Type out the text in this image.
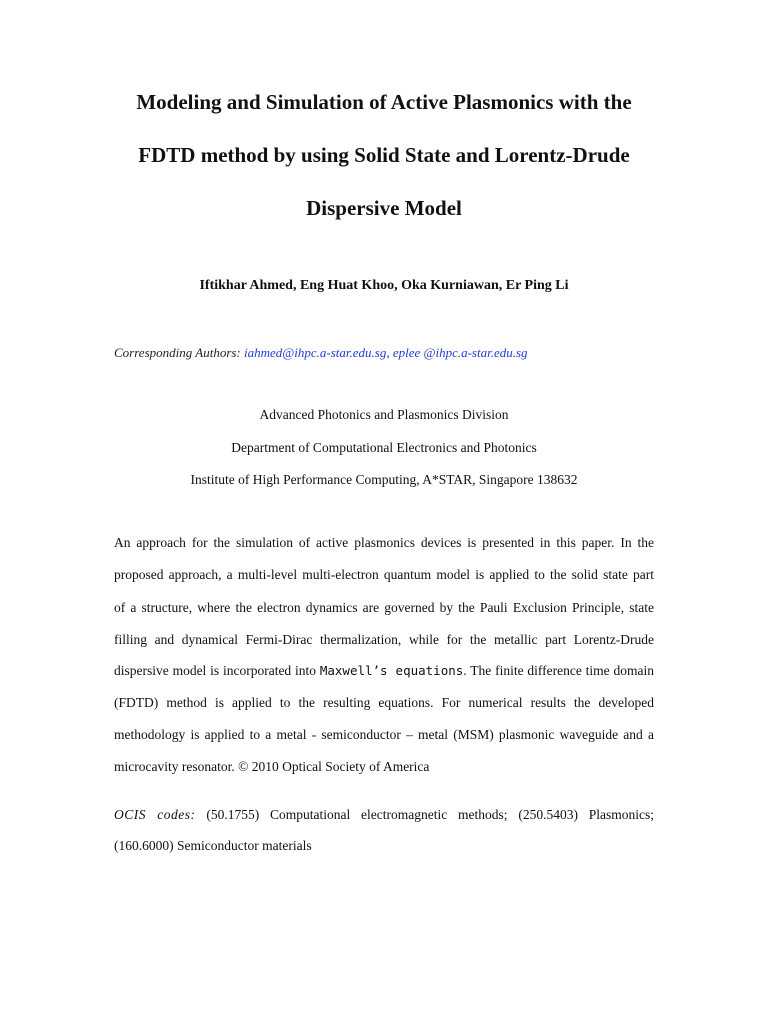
Modeling and Simulation of Active Plasmonics with the
FDTD method by using Solid State and Lorentz-Drude
Dispersive Model
Iftikhar Ahmed, Eng Huat Khoo, Oka Kurniawan, Er Ping Li
Corresponding Authors: iahmed@ihpc.a-star.edu.sg, eplee @ihpc.a-star.edu.sg
Advanced Photonics and Plasmonics Division
Department of Computational Electronics and Photonics
Institute of High Performance Computing, A*STAR, Singapore 138632
An approach for the simulation of active plasmonics devices is presented in this paper. In the
proposed approach, a multi-level multi-electron quantum model is applied to the solid state part
of a structure, where the electron dynamics are governed by the Pauli Exclusion Principle, state
filling and dynamical Fermi-Dirac thermalization, while for the metallic part Lorentz-Drude
dispersive model is incorporated into Maxwell’s equations. The finite difference time domain
(FDTD) method is applied to the resulting equations. For numerical results the developed
methodology is applied to a metal - semiconductor – metal (MSM) plasmonic waveguide and a
microcavity resonator. © 2010 Optical Society of America
OCIS codes: (50.1755) Computational electromagnetic methods; (250.5403) Plasmonics;
(160.6000) Semiconductor materials
